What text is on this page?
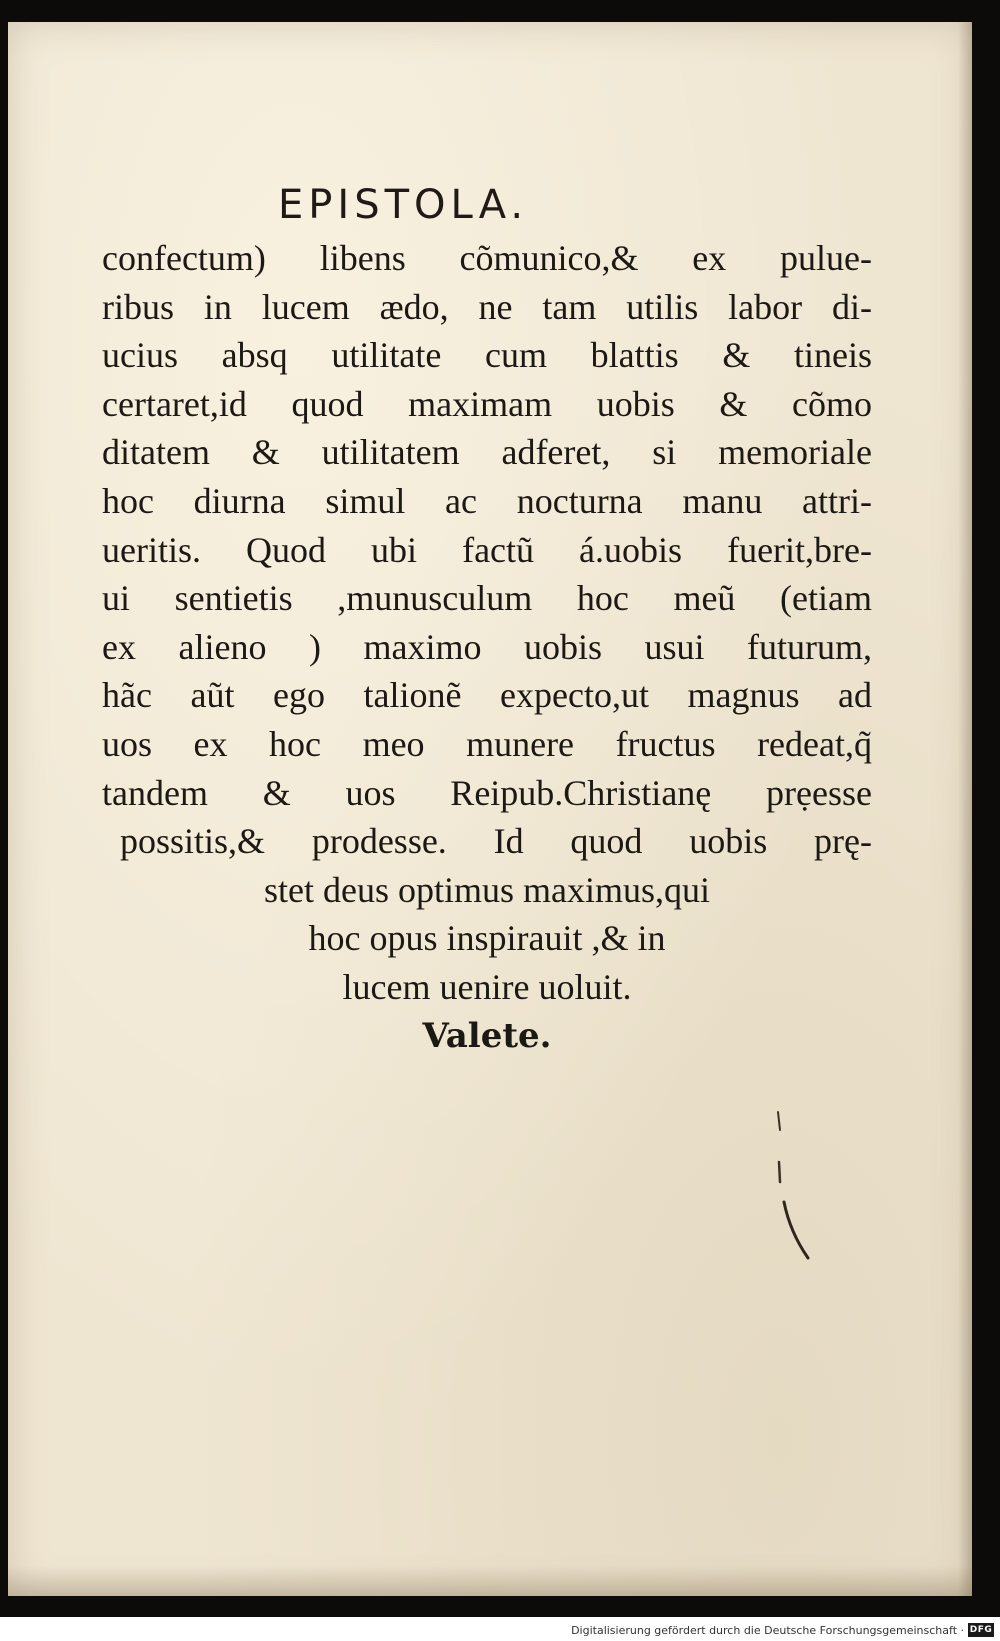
EPISTOLA.
confectum) libens cõmunico,& ex pulue-
ribus in lucem ædo, ne tam utilis labor di-
ucius absq utilitate cum blattis & tineis
certaret,id quod maximam uobis & cõmo
ditatem & utilitatem adferet, si memoriale
hoc diurna simul ac nocturna manu attri-
ueritis. Quod ubi factũ á.uobis fuerit,bre-
ui sentietis ,munusculum hoc meũ (etiam
ex alieno ) maximo uobis usui futurum,
hãc aũt ego talionẽ expecto,ut magnus ad
uos ex hoc meo munere fructus redeat,q̃
tandem & uos Reipub.Christianę prẹesse
possitis,& prodesse. Id quod uobis prę-
stet deus optimus maximus,qui
hoc opus inspirauit ,& in
lucem uenire uoluit.
Valete.
Digitalisierung gefördert durch die Deutsche Forschungsgemeinschaft · DFG
